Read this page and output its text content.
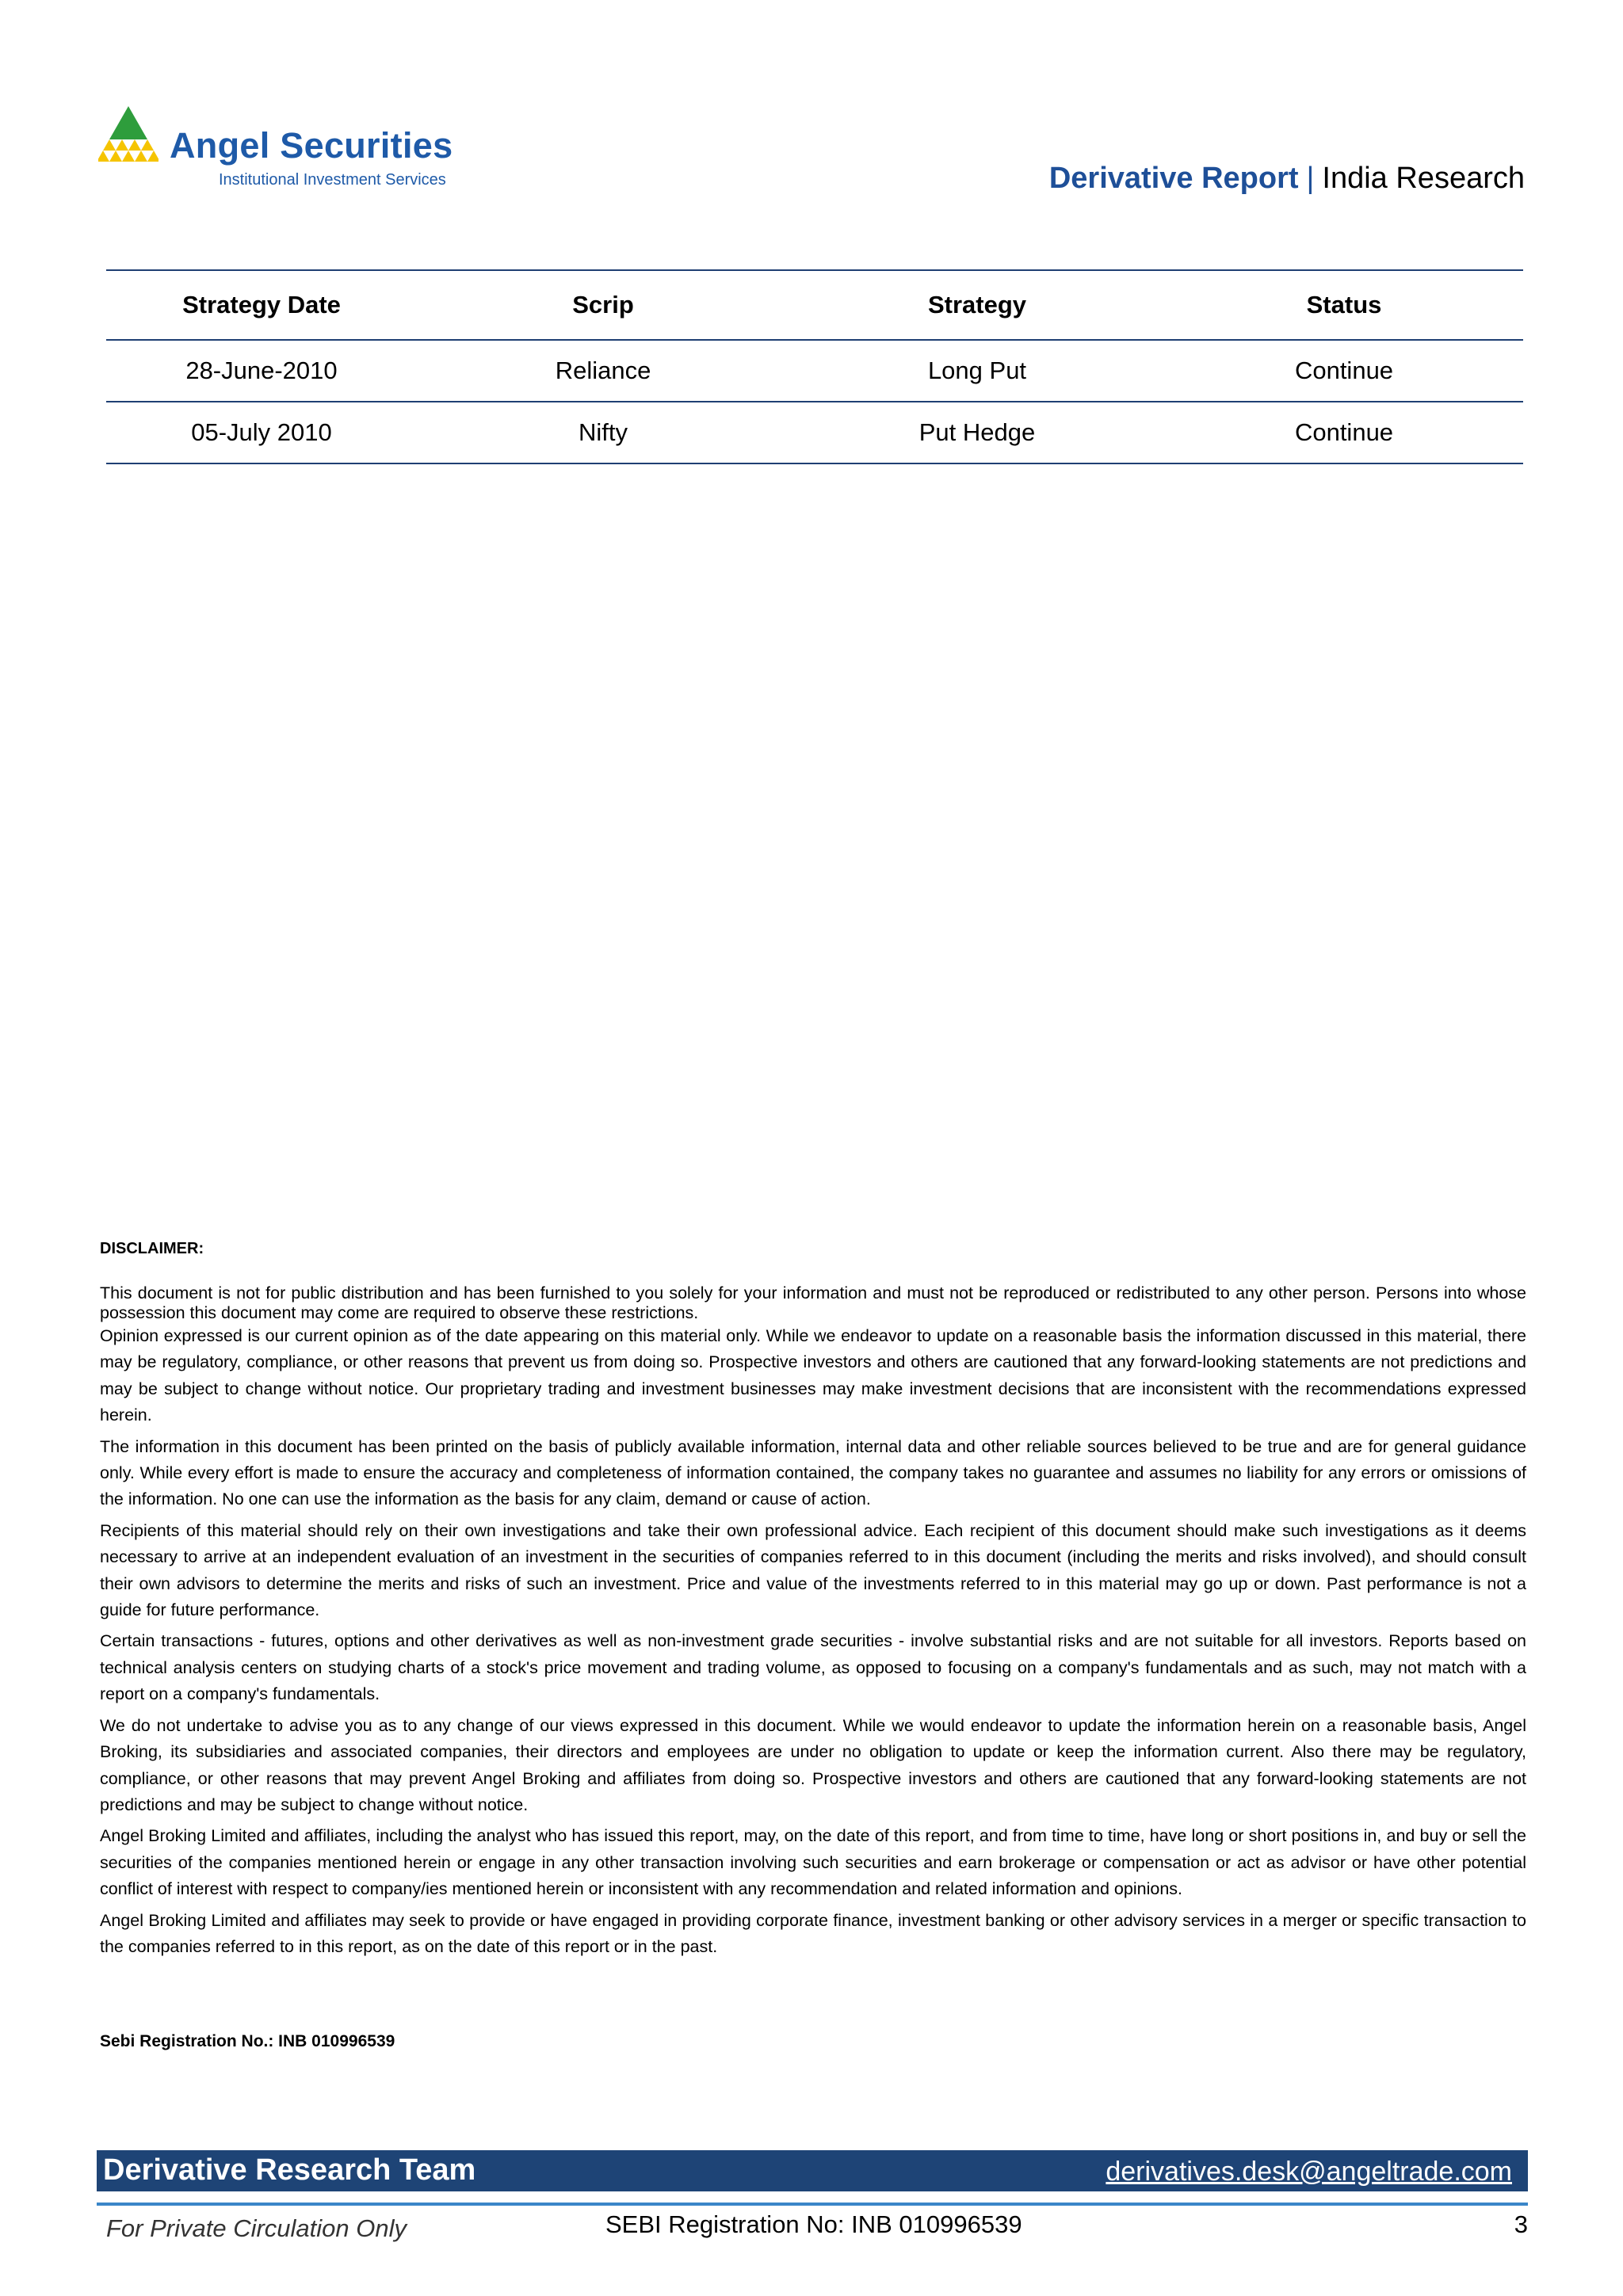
Angel Securities
Institutional Investment Services	Derivative Report | India Research
Strategy Date	Scrip	Strategy	Status
28-June-2010	Reliance	Long Put	Continue
05-July 2010	Nifty	Put Hedge	Continue
DISCLAIMER:

This document is not for public distribution and has been furnished to you solely for your information and must not be reproduced or redistributed to any other person. Persons into whose possession this document may come are required to observe these restrictions.

Opinion expressed is our current opinion as of the date appearing on this material only. While we endeavor to update on a reasonable basis the information discussed in this material, there may be regulatory, compliance, or other reasons that prevent us from doing so. Prospective investors and others are cautioned that any forward-looking statements are not predictions and may be subject to change without notice. Our proprietary trading and investment businesses may make investment decisions that are inconsistent with the recommendations expressed herein.

The information in this document has been printed on the basis of publicly available information, internal data and other reliable sources believed to be true and are for general guidance only. While every effort is made to ensure the accuracy and completeness of information contained, the company takes no guarantee and assumes no liability for any errors or omissions of the information. No one can use the information as the basis for any claim, demand or cause of action.

Recipients of this material should rely on their own investigations and take their own professional advice. Each recipient of this document should make such investigations as it deems necessary to arrive at an independent evaluation of an investment in the securities of companies referred to in this document (including the merits and risks involved), and should consult their own advisors to determine the merits and risks of such an investment. Price and value of the investments referred to in this material may go up or down. Past performance is not a guide for future performance.

Certain transactions - futures, options and other derivatives as well as non-investment grade securities - involve substantial risks and are not suitable for all investors. Reports based on technical analysis centers on studying charts of a stock's price movement and trading volume, as opposed to focusing on a company's fundamentals and as such, may not match with a report on a company's fundamentals.

We do not undertake to advise you as to any change of our views expressed in this document. While we would endeavor to update the information herein on a reasonable basis, Angel Broking, its subsidiaries and associated companies, their directors and employees are under no obligation to update or keep the information current. Also there may be regulatory, compliance, or other reasons that may prevent Angel Broking and affiliates from doing so. Prospective investors and others are cautioned that any forward-looking statements are not predictions and may be subject to change without notice.

Angel Broking Limited and affiliates, including the analyst who has issued this report, may, on the date of this report, and from time to time, have long or short positions in, and buy or sell the securities of the companies mentioned herein or engage in any other transaction involving such securities and earn brokerage or compensation or act as advisor or have other potential conflict of interest with respect to company/ies mentioned herein or inconsistent with any recommendation and related information and opinions.

Angel Broking Limited and affiliates may seek to provide or have engaged in providing corporate finance, investment banking or other advisory services in a merger or specific transaction to the companies referred to in this report, as on the date of this report or in the past.

Sebi Registration No.: INB 010996539
Derivative Research Team	derivatives.desk@angeltrade.com
For Private Circulation Only	SEBI Registration No: INB 010996539	3
